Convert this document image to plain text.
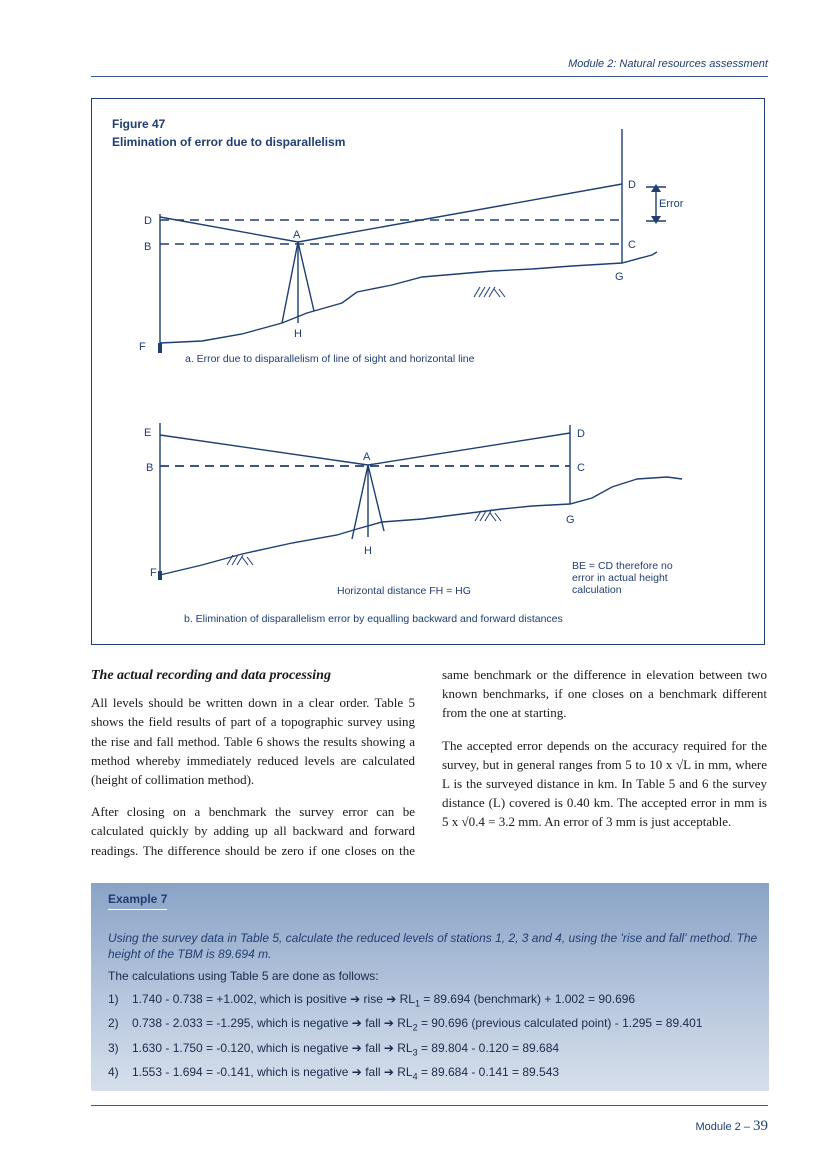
Module 2: Natural resources assessment
Figure 47
Elimination of error due to disparallelism
D
B
A
H
F
D
C
G
Error
E
B
A
H
F
D
C
G
a. Error due to disparallelism of line of sight and horizontal line
BE = CD therefore no
error in actual height
calculation
Horizontal distance FH = HG
b. Elimination of disparallelism error by equalling backward and forward distances

The actual recording and data processing

All levels should be written down in a clear order. Table 5 shows the field results of part of a topographic survey using the rise and fall method. Table 6 shows the results showing a method whereby immediately reduced levels are calculated (height of collimation method).

After closing on a benchmark the survey error can be calculated quickly by adding up all backward and forward readings. The difference should be zero if one closes on the

same benchmark or the difference in elevation between two known benchmarks, if one closes on a benchmark different from the one at starting.

The accepted error depends on the accuracy required for the survey, but in general ranges from 5 to 10 x √L in mm, where L is the surveyed distance in km. In Table 5 and 6 the survey distance (L) covered is 0.40 km. The accepted error in mm is 5 x √0.4 = 3.2 mm. An error of 3 mm is just acceptable.

Example 7
Using the survey data in Table 5, calculate the reduced levels of stations 1, 2, 3 and 4, using the 'rise and fall' method. The height of the TBM is 89.694 m.
The calculations using Table 5 are done as follows:
1)	1.740 - 0.738 = +1.002, which is positive ➔ rise ➔ $RL_1 = 89.694$ (benchmark) + 1.002 = 90.696
2)	0.738 - 2.033 = -1.295, which is negative ➔ fall ➔ $RL_2 = 90.696$ (previous calculated point) - 1.295 = 89.401
3)	1.630 - 1.750 = -0.120, which is negative ➔ fall ➔ $RL_3 = 89.804 - 0.120 = 89.684$
4)	1.553 - 1.694 = -0.141, which is negative ➔ fall ➔ $RL_4 = 89.684 - 0.141 = 89.543$
Module 2 – 39
